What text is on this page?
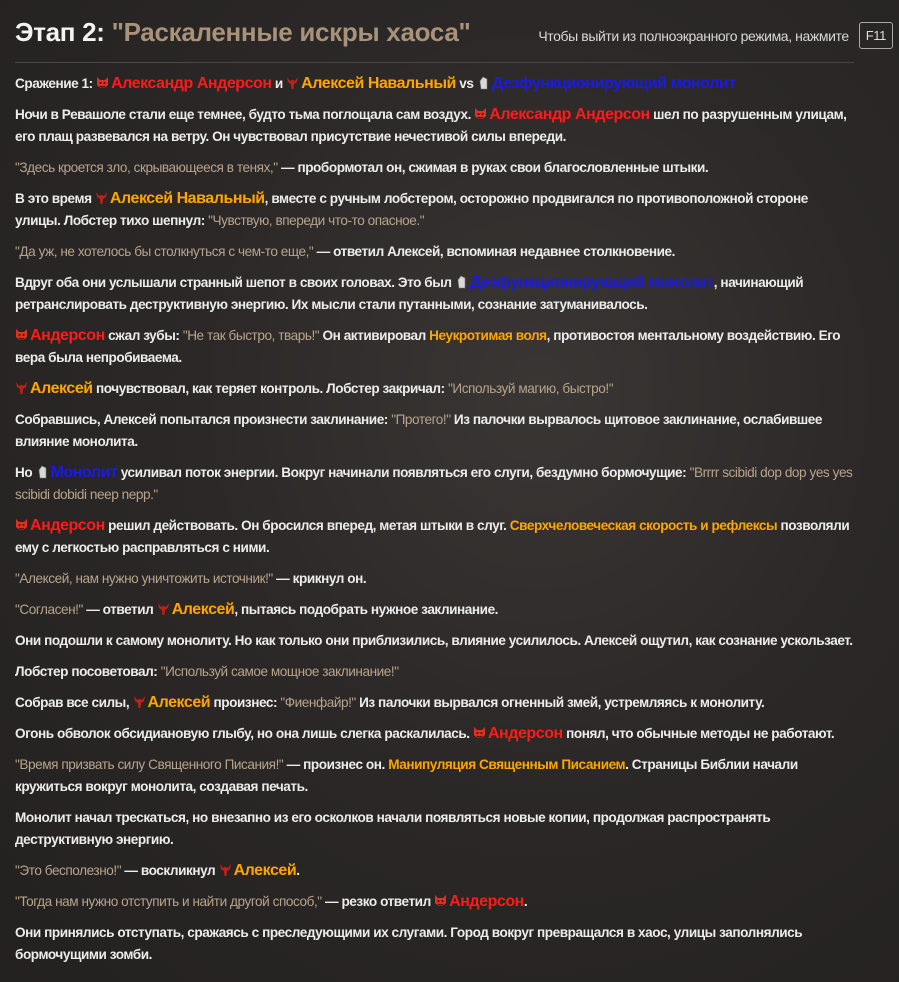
Этап 2: "Раскаленные искры хаоса"

Сражение 1: Александр Андерсон и Алексей Навальный vs Дезфункционирующий монолит

Ночи в Ревашоле стали еще темнее, будто тьма поглощала сам воздух. Александр Андерсон шел по разрушенным улицам, его плащ развевался на ветру. Он чувствовал присутствие нечестивой силы впереди.

"Здесь кроется зло, скрывающееся в тенях," — пробормотал он, сжимая в руках свои благословленные штыки.

В это время Алексей Навальный, вместе с ручным лобстером, осторожно продвигался по противоположной стороне улицы. Лобстер тихо шепнул: "Чувствую, впереди что-то опасное."

"Да уж, не хотелось бы столкнуться с чем-то еще," — ответил Алексей, вспоминая недавнее столкновение.

Вдруг оба они услышали странный шепот в своих головах. Это был Дезфункционирующий монолит, начинающий ретранслировать деструктивную энергию. Их мысли стали путанными, сознание затуманивалось.

Андерсон сжал зубы: "Не так быстро, тварь!" Он активировал Неукротимая воля, противостоя ментальному воздействию. Его вера была непробиваема.

Алексей почувствовал, как теряет контроль. Лобстер закричал: "Используй магию, быстро!"

Собравшись, Алексей попытался произнести заклинание: "Протего!" Из палочки вырвалось щитовое заклинание, ослабившее влияние монолита.

Но Монолит усиливал поток энергии. Вокруг начинали появляться его слуги, бездумно бормочущие: "Brrrr scibidi dop dop yes yes scibidi dobidi neep nepp."

Андерсон решил действовать. Он бросился вперед, метая штыки в слуг. Сверхчеловеческая скорость и рефлексы позволяли ему с легкостью расправляться с ними.

"Алексей, нам нужно уничтожить источник!" — крикнул он.

"Согласен!" — ответил Алексей, пытаясь подобрать нужное заклинание.

Они подошли к самому монолиту. Но как только они приблизились, влияние усилилось. Алексей ощутил, как сознание ускользает.

Лобстер посоветовал: "Используй самое мощное заклинание!"

Собрав все силы, Алексей произнес: "Фиенфайр!" Из палочки вырвался огненный змей, устремляясь к монолиту.

Огонь обволок обсидиановую глыбу, но она лишь слегка раскалилась. Андерсон понял, что обычные методы не работают.

"Время призвать силу Священного Писания!" — произнес он. Манипуляция Священным Писанием. Страницы Библии начали кружиться вокруг монолита, создавая печать.

Монолит начал трескаться, но внезапно из его осколков начали появляться новые копии, продолжая распространять деструктивную энергию.

"Это бесполезно!" — воскликнул Алексей.

"Тогда нам нужно отступить и найти другой способ," — резко ответил Андерсон.

Они принялись отступать, сражаясь с преследующими их слугами. Город вокруг превращался в хаос, улицы заполнялись бормочущими зомби.

Чтобы выйти из полноэкранного режима, нажмите	F11
